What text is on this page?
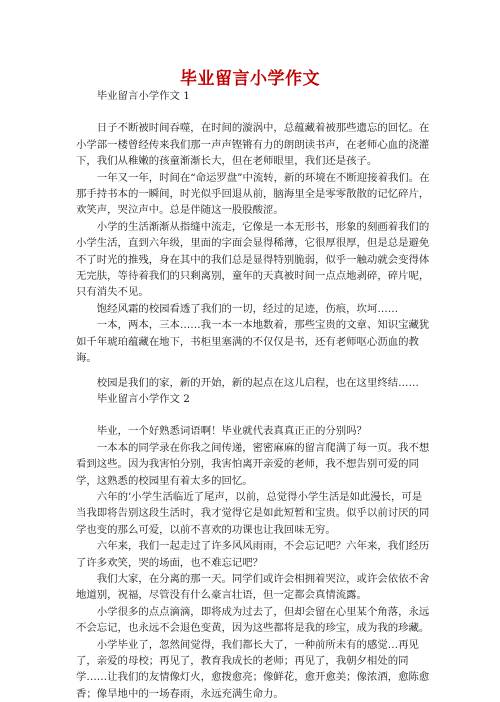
毕业留言小学作文

毕业留言小学作文 1

日子不断被时间吞噬，在时间的漩涡中，总蕴藏着被那些遗忘的回忆。在小学部一楼曾经传来我们那一声声铿锵有力的朗朗读书声，在老师心血的浇灌下，我们从稚嫩的孩童渐渐长大，但在老师眼里，我们还是孩子。

一年又一年，时间在“命运罗盘”中流转，新的环境在不断迎接着我们。在那手持书本的一瞬间，时光似乎回退从前，脑海里全是零零散散的记忆碎片，欢笑声，哭泣声中。总是伴随这一股股酸涩。

小学的生活渐渐从指缝中流走，它像是一本无形书，形象的刻画着我们的小学生活，直到六年级，里面的字面会显得稀薄，它很厚很厚，但是总是避免不了时光的推残，身在其中的我们总是显得特别脆弱，似乎一触动就会变得体无完肤，等待着我们的只剩离别，童年的天真被时间一点点地剥碎，碎片呢，只有消失不见。

饱经风霜的校园看透了我们的一切，经过的足迹，伤痕，坎坷……

一本，两本，三本……我一本一本地数着，那些宝贵的文章、知识宝藏犹如千年琥珀蕴藏在地下，书柜里塞满的不仅仅是书，还有老师呕心沥血的教诲。

校园是我们的家，新的开始，新的起点在这儿启程，也在这里终结……

毕业留言小学作文 2

毕业，一个好熟悉词语啊！毕业就代表真真正正的分别吗？

一本本的同学录在你我之间传递，密密麻麻的留言爬满了每一页。我不想看到这些。因为我害怕分别，我害怕离开亲爱的老师，我不想告别可爱的同学，这熟悉的校园里有着太多的回忆。

六年的’小学生活临近了尾声，以前，总觉得小学生活是如此漫长，可是当我即将告别这段生活时，我才觉得它是如此短暂和宝贵。似乎以前讨厌的同学也变的那么可爱，以前不喜欢的功课也让我回味无穷。

六年来，我们一起走过了许多风风雨雨，不会忘记吧？六年来，我们经历了许多欢笑，哭的场面，也不难忘记吧？

我们大家，在分离的那一天。同学们或许会相拥着哭泣，或许会依依不舍地道别，祝福，尽管没有什么豪言壮语，但一定都会真情流露。

小学很多的点点滴滴，即将成为过去了，但却会留在心里某个角落，永远不会忘记，也永远不会退色变黄，因为这些都将是我的珍宝，成为我的珍藏。

小学毕业了，忽然间觉得，我们都长大了，一种前所未有的感觉…再见了，亲爱的母校；再见了，教育我成长的老师；再见了，我朝夕相处的同学……让我们的友情像灯火，愈拨愈亮；像鲜花，愈开愈美；像浓酒，愈陈愈香；像旱地中的一场春雨，永远充满生命力。
